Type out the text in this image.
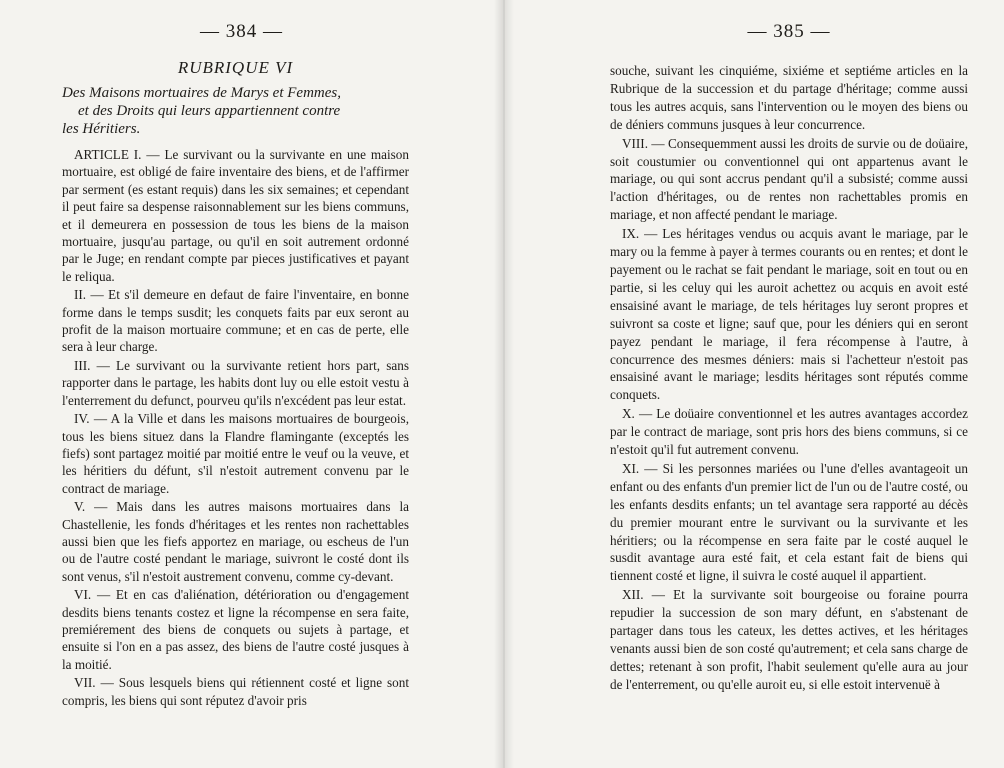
— 384 —
RUBRIQUE VI
Des Maisons mortuaires de Marys et Femmes,
et des Droits qui leurs appartiennent contre
les Héritiers.

ARTICLE I. — Le survivant ou la survivante en une maison mortuaire, est obligé de faire inventaire des biens, et de l'affirmer par serment (es estant requis) dans les six semaines; et cependant il peut faire sa despense raisonnablement sur les biens communs, et il demeurera en possession de tous les biens de la maison mortuaire, jusqu'au partage, ou qu'il en soit autrement ordonné par le Juge; en rendant compte par pieces justificatives et payant le reliqua.

II. — Et s'il demeure en defaut de faire l'inventaire, en bonne forme dans le temps susdit; les conquets faits par eux seront au profit de la maison mortuaire commune; et en cas de perte, elle sera à leur charge.

III. — Le survivant ou la survivante retient hors part, sans rapporter dans le partage, les habits dont luy ou elle estoit vestu à l'enterrement du defunct, pourveu qu'ils n'excédent pas leur estat.

IV. — A la Ville et dans les maisons mortuaires de bourgeois, tous les biens situez dans la Flandre flamingante (exceptés les fiefs) sont partagez moitié par moitié entre le veuf ou la veuve, et les héritiers du défunt, s'il n'estoit autrement convenu par le contract de mariage.

V. — Mais dans les autres maisons mortuaires dans la Chastellenie, les fonds d'héritages et les rentes non rachettables aussi bien que les fiefs apportez en mariage, ou escheus de l'un ou de l'autre costé pendant le mariage, suivront le costé dont ils sont venus, s'il n'estoit austrement convenu, comme cy-devant.

VI. — Et en cas d'aliénation, détérioration ou d'engagement desdits biens tenants costez et ligne la récompense en sera faite, premiérement des biens de conquets ou sujets à partage, et ensuite si l'on en a pas assez, des biens de l'autre costé jusques à la moitié.

VII. — Sous lesquels biens qui rétiennent costé et ligne sont compris, les biens qui sont réputez d'avoir pris

— 385 —

souche, suivant les cinquiéme, sixiéme et septiéme articles en la Rubrique de la succession et du partage d'héritage; comme aussi tous les autres acquis, sans l'intervention ou le moyen des biens ou de déniers communs jusques à leur concurrence.

VIII. — Consequemment aussi les droits de survie ou de doüaire, soit coustumier ou conventionnel qui ont appartenus avant le mariage, ou qui sont accrus pendant qu'il a subsisté; comme aussi l'action d'héritages, ou de rentes non rachettables promis en mariage, et non affecté pendant le mariage.

IX. — Les héritages vendus ou acquis avant le mariage, par le mary ou la femme à payer à termes courants ou en rentes; et dont le payement ou le rachat se fait pendant le mariage, soit en tout ou en partie, si les celuy qui les auroit achettez ou acquis en avoit esté ensaisiné avant le mariage, de tels héritages luy seront propres et suivront sa coste et ligne; sauf que, pour les déniers qui en seront payez pendant le mariage, il fera récompense à l'autre, à concurrence des mesmes déniers: mais si l'achetteur n'estoit pas ensaisiné avant le mariage; lesdits héritages sont réputés comme conquets.

X. — Le doüaire conventionnel et les autres avantages accordez par le contract de mariage, sont pris hors des biens communs, si ce n'estoit qu'il fut autrement convenu.

XI. — Si les personnes mariées ou l'une d'elles avantageoit un enfant ou des enfants d'un premier lict de l'un ou de l'autre costé, ou les enfants desdits enfants; un tel avantage sera rapporté au décès du premier mourant entre le survivant ou la survivante et les héritiers; ou la récompense en sera faite par le costé auquel le susdit avantage aura esté fait, et cela estant fait de biens qui tiennent costé et ligne, il suivra le costé auquel il appartient.

XII. — Et la survivante soit bourgeoise ou foraine pourra repudier la succession de son mary défunt, en s'abstenant de partager dans tous les cateux, les dettes actives, et les héritages venants aussi bien de son costé qu'autrement; et cela sans charge de dettes; retenant à son profit, l'habit seulement qu'elle aura au jour de l'enterrement, ou qu'elle auroit eu, si elle estoit intervenuë à
